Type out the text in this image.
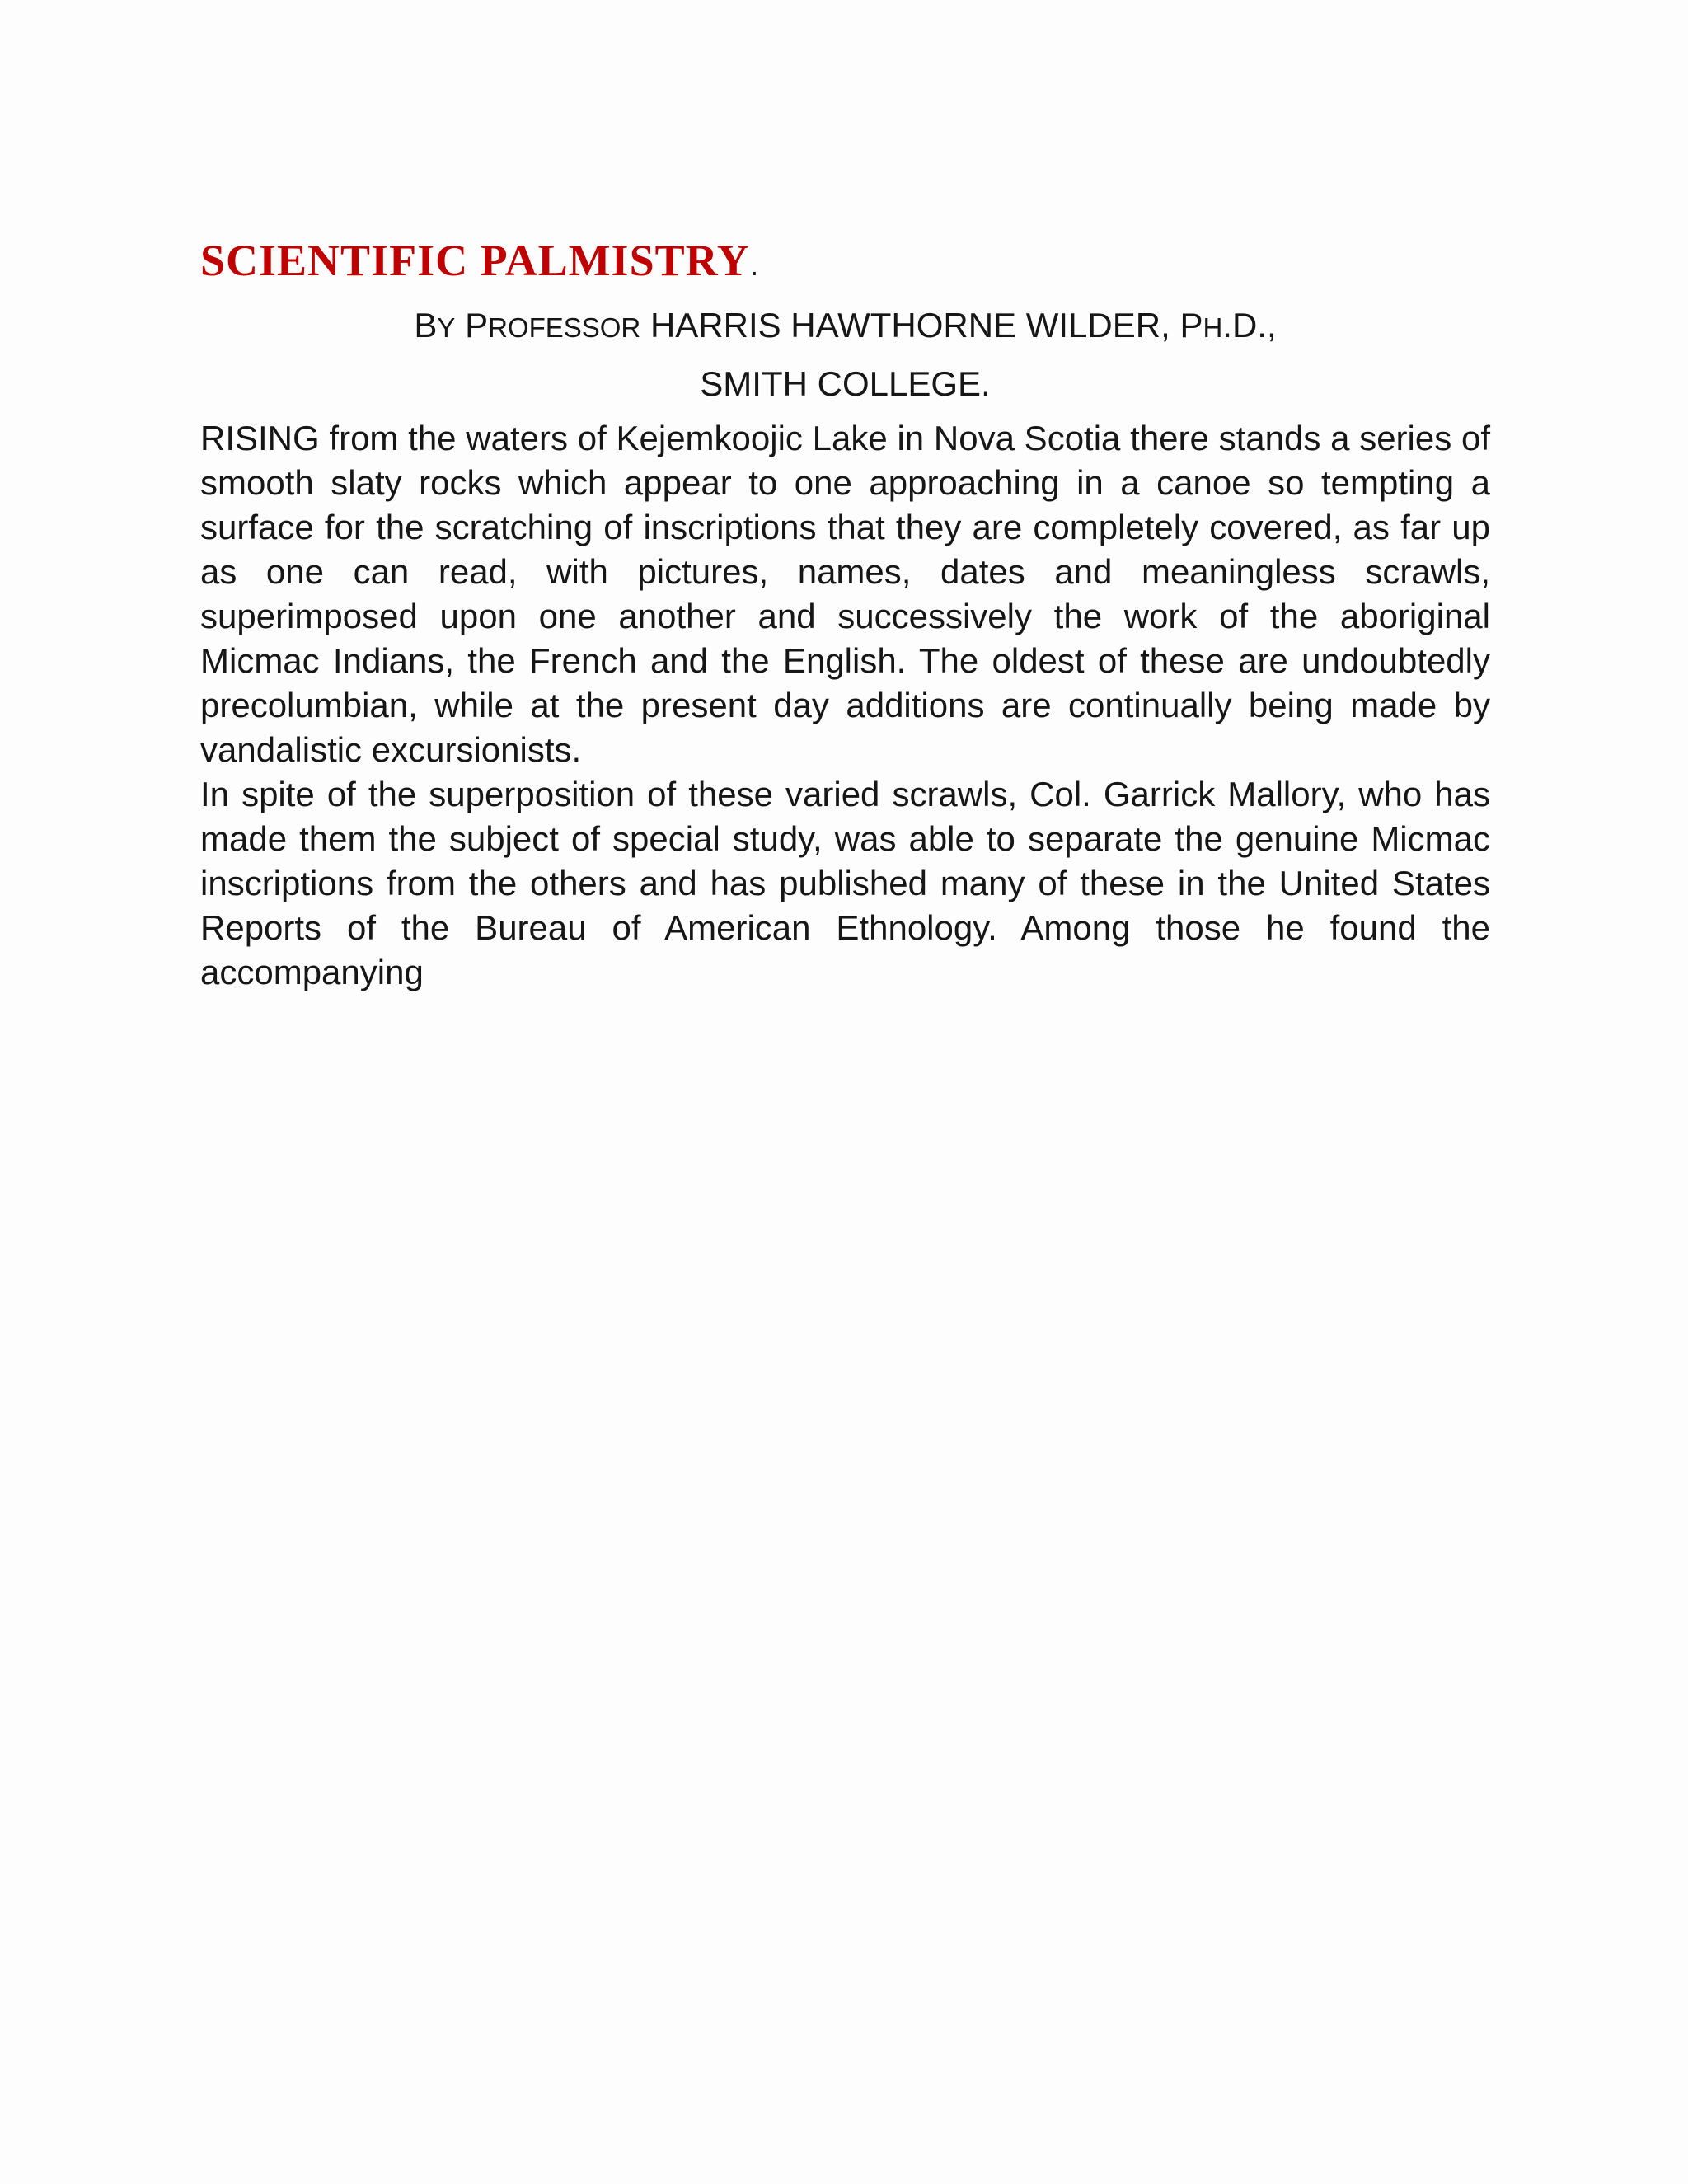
SCIENTIFIC PALMISTRY.

BY PROFESSOR HARRIS HAWTHORNE WILDER, PH.D.,

SMITH COLLEGE.

RISING from the waters of Kejemkoojic Lake in Nova Scotia there stands a series of smooth slaty rocks which appear to one approaching in a canoe so tempting a surface for the scratching of inscriptions that they are completely covered, as far up as one can read, with pictures, names, dates and meaningless scrawls, superimposed upon one another and successively the work of the aboriginal Micmac Indians, the French and the English. The oldest of these are undoubtedly precolumbian, while at the present day additions are continually being made by vandalistic excursionists.

In spite of the superposition of these varied scrawls, Col. Garrick Mallory, who has made them the subject of special study, was able to separate the genuine Micmac inscriptions from the others and has published many of these in the United States Reports of the Bureau of American Ethnology. Among those he found the

accompanying
